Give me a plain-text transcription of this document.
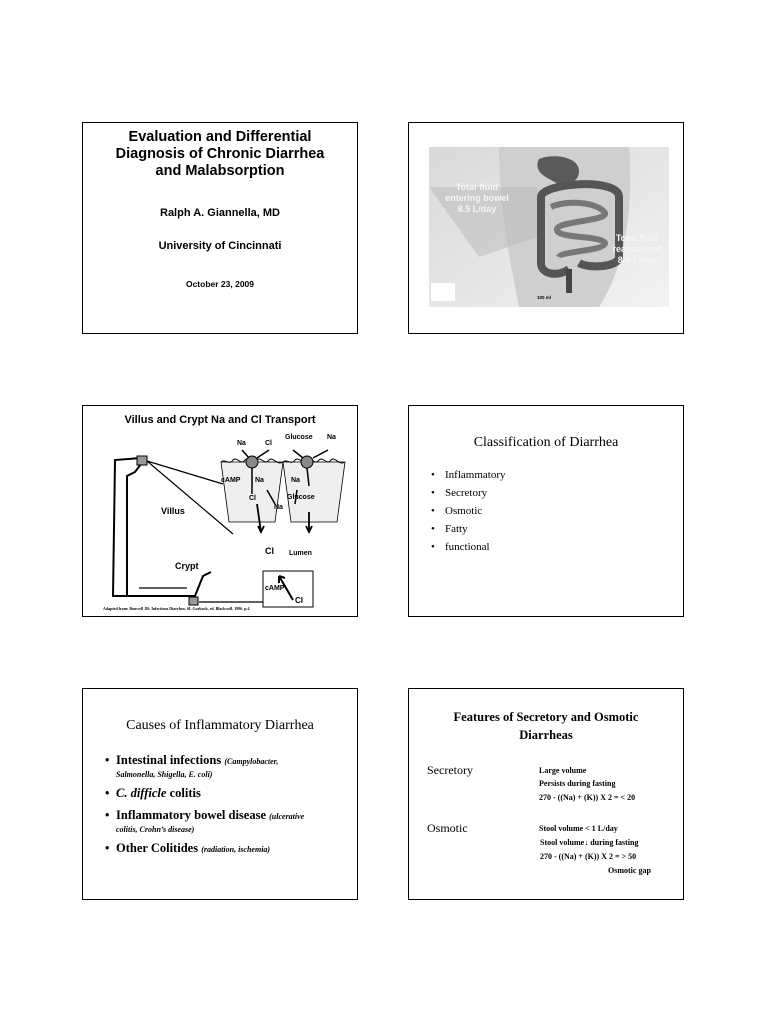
Evaluation and Differential
Diagnosis of Chronic Diarrhea
and Malabsorption
Ralph A. Giannella, MD
University of Cincinnati
October 23, 2009
Total fluid
entering bowel
8.5 L/day
Total fluid
reabsorbed
8.4 L/day
100 ml
Villus and Crypt Na and Cl Transport
Na	Cl
Glucose Na
cAMP Na	Na
Cl	Glucose
Na
Villus
Crypt
Cl Lumen
cAMP
Cl
Adapted from: Bouwell JR: Infectious Diarrhea. SL Gorbach, ed. Blackwell. 1996. p.4
Classification of Diarrhea
• Inflammatory
• Secretory
• Osmotic
• Fatty
• functional
Causes of Inflammatory Diarrhea
• Intestinal infections (Campylobacter,
Salmonella, Shigella, E. coli)
• C. difficle colitis
• Inflammatory bowel disease (ulcerative
colitis, Crohn’s disease)
• Other Colitides (radiation, ischemia)
Features of Secretory and Osmotic
Diarrheas
Secretory	Large volume
Persists during fasting
270 - ((Na) + (K)) X 2 = < 20
Osmotic	Stool volume < 1 L/day
Stool volume↓ during fasting
270 - ((Na) + (K)) X 2 = > 50
Osmotic gap
